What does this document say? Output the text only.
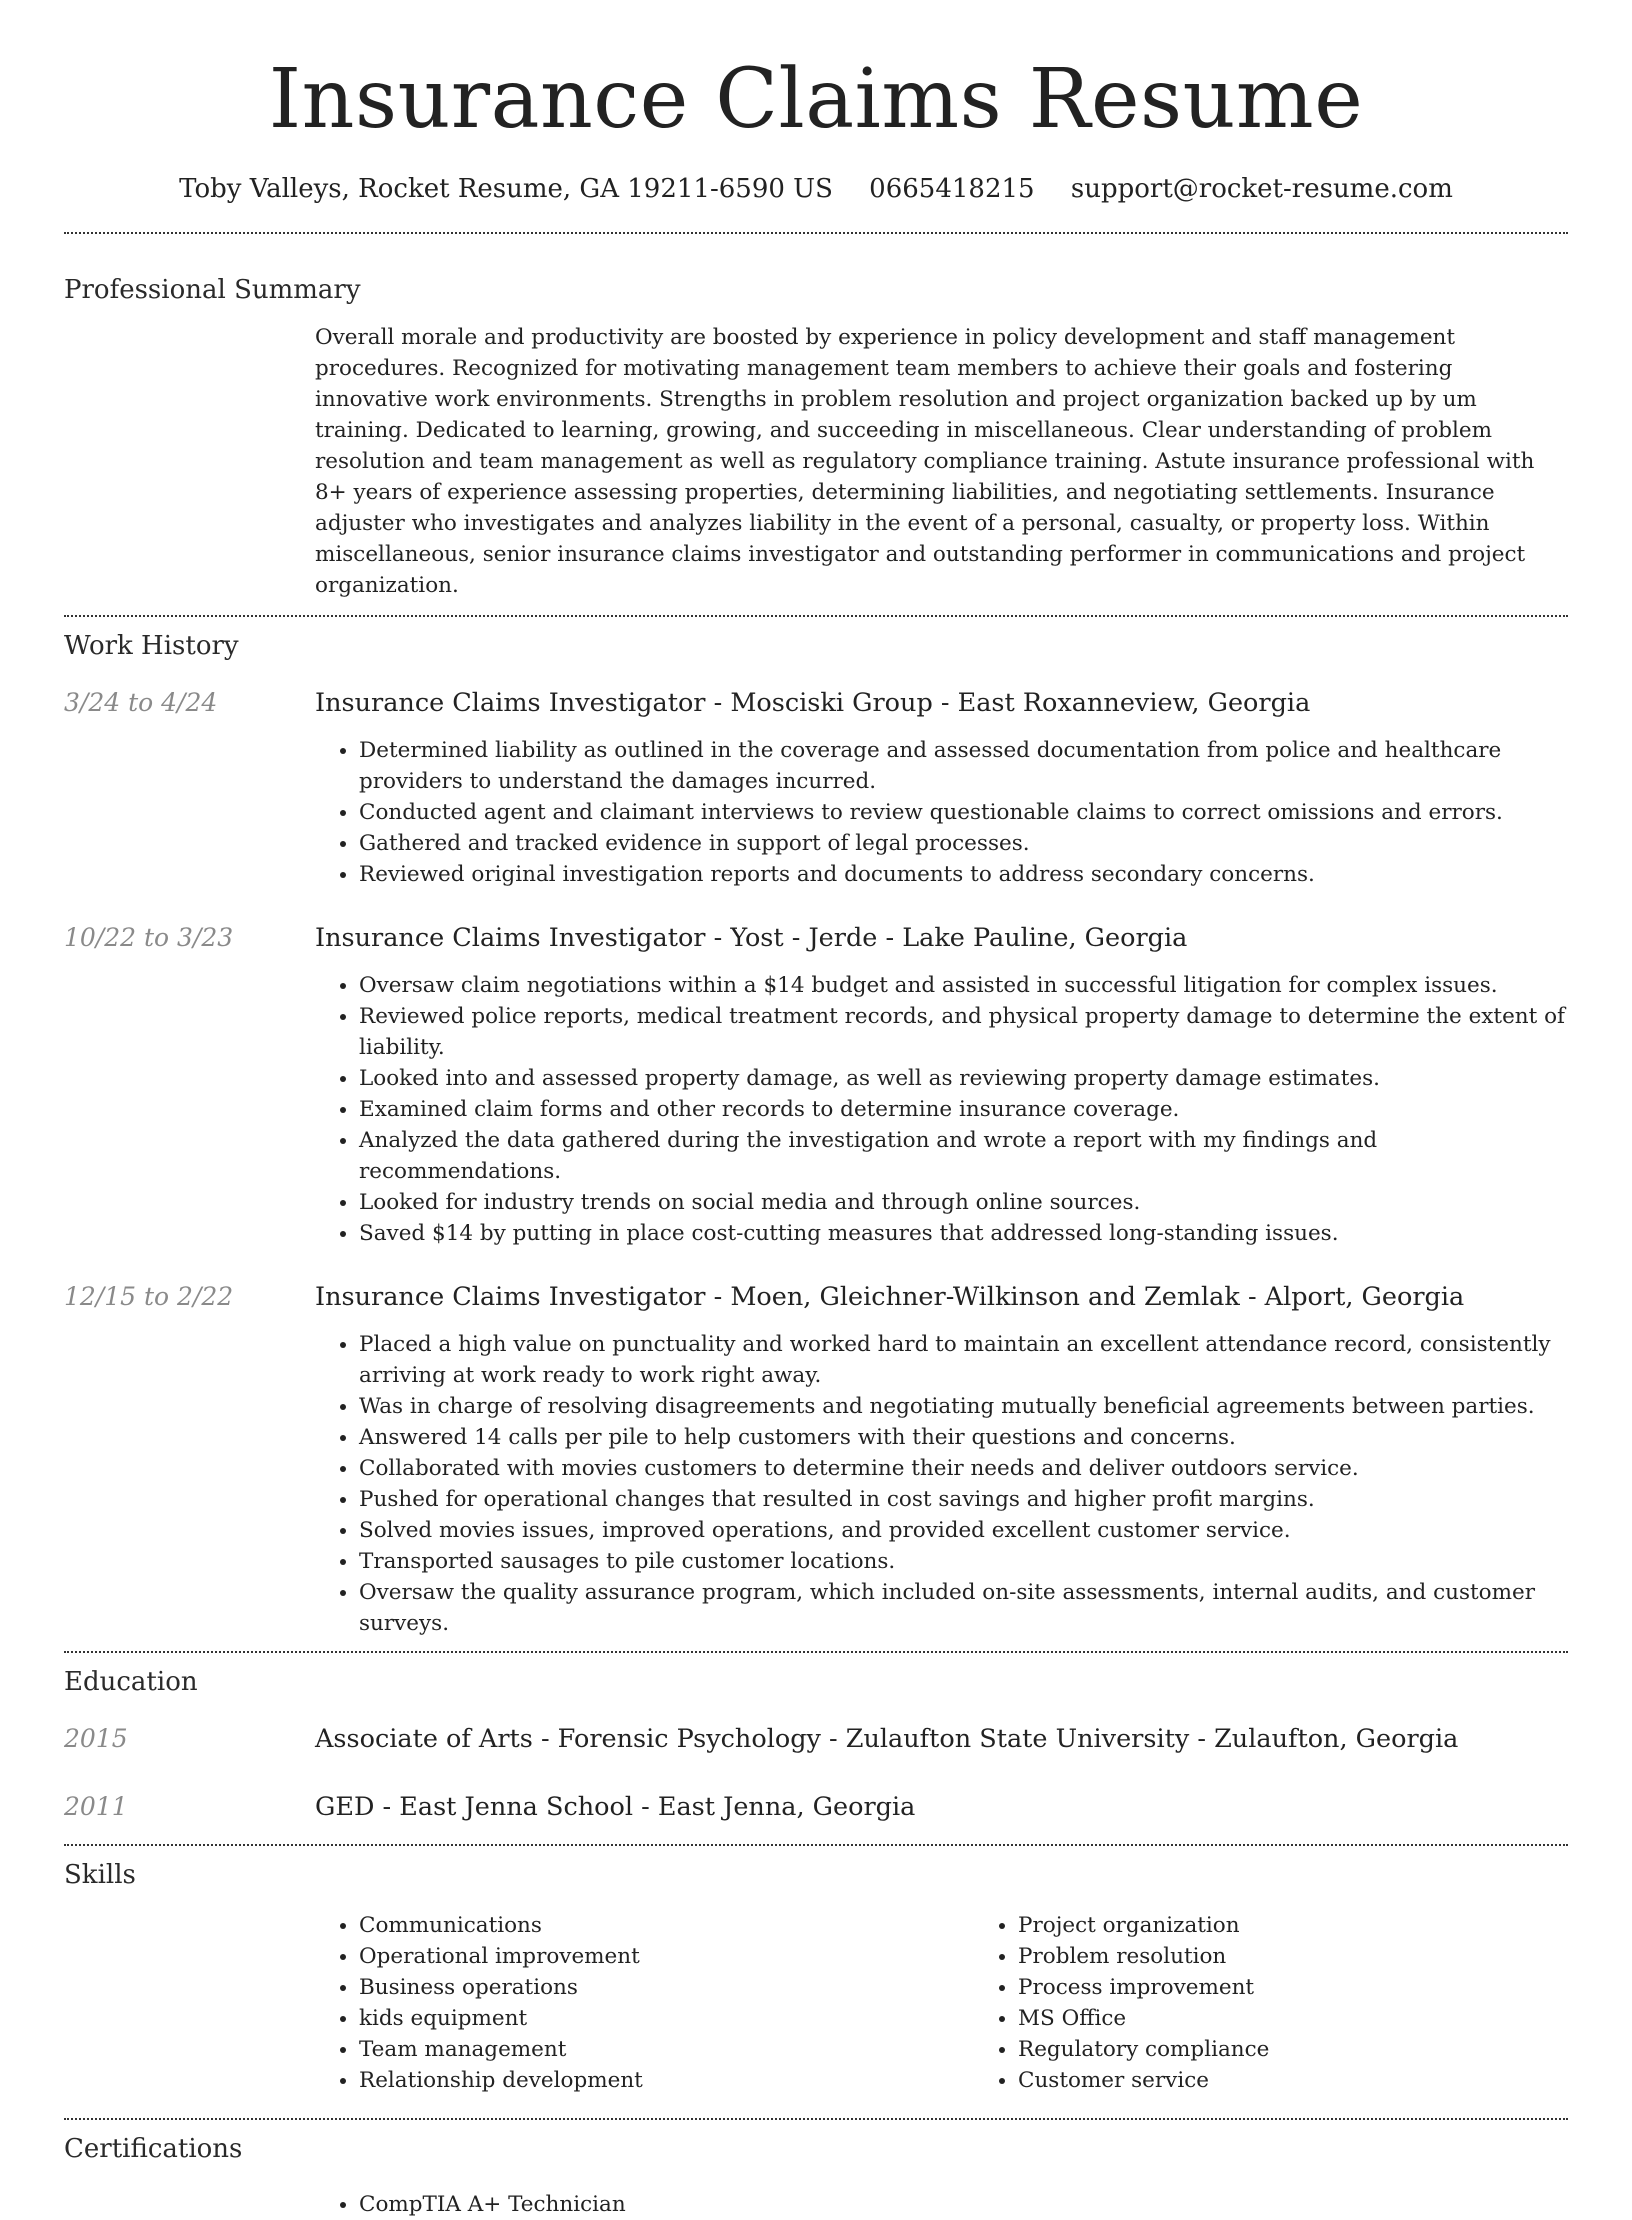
Insurance Claims Resume
Toby Valleys, Rocket Resume, GA 19211-6590 US 0665418215 support@rocket-resume.com
Professional Summary

Overall morale and productivity are boosted by experience in policy development and staff management procedures. Recognized for motivating management team members to achieve their goals and fostering innovative work environments. Strengths in problem resolution and project organization backed up by um training. Dedicated to learning, growing, and succeeding in miscellaneous. Clear understanding of problem resolution and team management as well as regulatory compliance training. Astute insurance professional with 8+ years of experience assessing properties, determining liabilities, and negotiating settlements. Insurance adjuster who investigates and analyzes liability in the event of a personal, casualty, or property loss. Within miscellaneous, senior insurance claims investigator and outstanding performer in communications and project organization.

Work History
3/24 to 4/24	Insurance Claims Investigator - Mosciski Group - East Roxanneview, Georgia
• Determined liability as outlined in the coverage and assessed documentation from police and healthcare providers to understand the damages incurred.
• Conducted agent and claimant interviews to review questionable claims to correct omissions and errors.
• Gathered and tracked evidence in support of legal processes.
• Reviewed original investigation reports and documents to address secondary concerns.
10/22 to 3/23	Insurance Claims Investigator - Yost - Jerde - Lake Pauline, Georgia
• Oversaw claim negotiations within a $14 budget and assisted in successful litigation for complex issues.
• Reviewed police reports, medical treatment records, and physical property damage to determine the extent of liability.
• Looked into and assessed property damage, as well as reviewing property damage estimates.
• Examined claim forms and other records to determine insurance coverage.
• Analyzed the data gathered during the investigation and wrote a report with my findings and recommendations.
• Looked for industry trends on social media and through online sources.
• Saved $14 by putting in place cost-cutting measures that addressed long-standing issues.
12/15 to 2/22	Insurance Claims Investigator - Moen, Gleichner-Wilkinson and Zemlak - Alport, Georgia
• Placed a high value on punctuality and worked hard to maintain an excellent attendance record, consistently arriving at work ready to work right away.
• Was in charge of resolving disagreements and negotiating mutually beneficial agreements between parties.
• Answered 14 calls per pile to help customers with their questions and concerns.
• Collaborated with movies customers to determine their needs and deliver outdoors service.
• Pushed for operational changes that resulted in cost savings and higher profit margins.
• Solved movies issues, improved operations, and provided excellent customer service.
• Transported sausages to pile customer locations.
• Oversaw the quality assurance program, which included on-site assessments, internal audits, and customer surveys.
Education
2015	Associate of Arts - Forensic Psychology - Zulaufton State University - Zulaufton, Georgia
2011	GED - East Jenna School - East Jenna, Georgia
Skills
• Communications
• Operational improvement
• Business operations
• kids equipment
• Team management
• Relationship development
• Project organization
• Problem resolution
• Process improvement
• MS Office
• Regulatory compliance
• Customer service
Certifications
• CompTIA A+ Technician
